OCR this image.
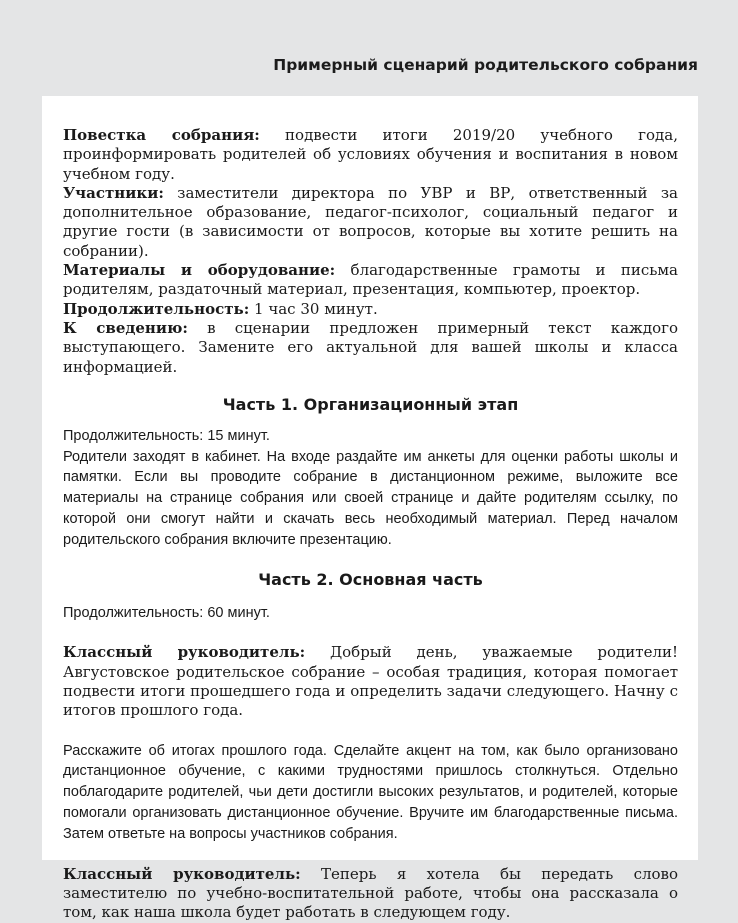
Примерный сценарий родительского собрания

Повестка собрания: подвести итоги 2019/20 учебного года, проинформировать родителей об условиях обучения и воспитания в новом учебном году.

Участники: заместители директора по УВР и ВР, ответственный за дополнительное образование, педагог-психолог, социальный педагог и другие гости (в зависимости от вопросов, которые вы хотите решить на собрании).

Материалы и оборудование: благодарственные грамоты и письма родителям, раздаточный материал, презентация, компьютер, проектор.

Продолжительность: 1 час 30 минут.

К сведению: в сценарии предложен примерный текст каждого выступающего. Замените его актуальной для вашей школы и класса информацией.

Часть 1. Организационный этап

Продолжительность: 15 минут.

Родители заходят в кабинет. На входе раздайте им анкеты для оценки работы школы и памятки. Если вы проводите собрание в дистанционном режиме, выложите все материалы на странице собрания или своей странице и дайте родителям ссылку, по которой они смогут найти и скачать весь необходимый материал. Перед началом родительского собрания включите презентацию.

Часть 2. Основная часть

Продолжительность: 60 минут.

Классный руководитель: Добрый день, уважаемые родители! Августовское родительское собрание – особая традиция, которая помогает подвести итоги прошедшего года и определить задачи следующего. Начну с итогов прошлого года.

Расскажите об итогах прошлого года. Сделайте акцент на том, как было организовано дистанционное обучение, с какими трудностями пришлось столкнуться. Отдельно поблагодарите родителей, чьи дети достигли высоких результатов, и родителей, которые помогали организовать дистанционное обучение. Вручите им благодарственные письма. Затем ответьте на вопросы участников собрания.

Классный руководитель: Теперь я хотела бы передать слово заместителю по учебно-воспитательной работе, чтобы она рассказала о том, как наша школа будет работать в следующем году.
